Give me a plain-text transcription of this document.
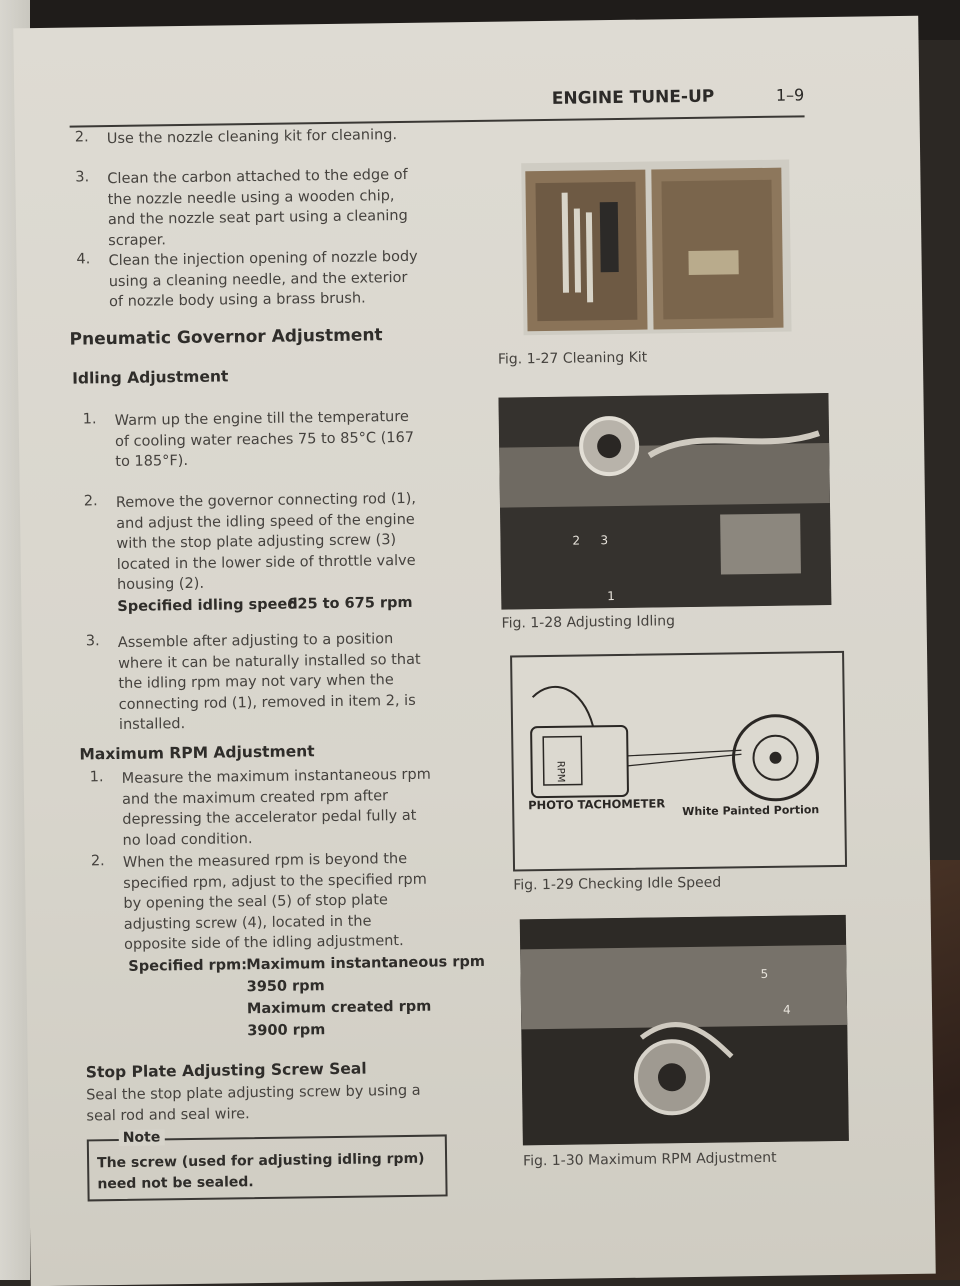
ENGINE TUNE-UP	1–9
2. Use the nozzle cleaning kit for cleaning.
3. Clean the carbon attached to the edge of the nozzle needle using a wooden chip, and the nozzle seat part using a cleaning scraper.
4. Clean the injection opening of nozzle body using a cleaning needle, and the exterior of nozzle body using a brass brush.
Pneumatic Governor Adjustment
Idling Adjustment
1. Warm up the engine till the temperature of cooling water reaches 75 to 85°C (167 to 185°F).
2. Remove the governor connecting rod (1), and adjust the idling speed of the engine with the stop plate adjusting screw (3) located in the lower side of throttle valve housing (2).
Specified idling speed
625 to 675 rpm
3. Assemble after adjusting to a position where it can be naturally installed so that the idling rpm may not vary when the connecting rod (1), removed in item 2, is installed.
Maximum RPM Adjustment
1. Measure the maximum instantaneous rpm and the maximum created rpm after depressing the accelerator pedal fully at no load condition.
2. When the measured rpm is beyond the specified rpm, adjust to the specified rpm by opening the seal (5) of stop plate adjusting screw (4), located in the opposite side of the idling adjustment.
Specified rpm: Maximum instantaneous rpm
3950 rpm
Maximum created rpm
3900 rpm
Stop Plate Adjusting Screw Seal
Seal the stop plate adjusting screw by using a seal rod and seal wire.
Note
The screw (used for adjusting idling rpm) need not be sealed.
Fig. 1-27 Cleaning Kit
2 3
1
Fig. 1-28 Adjusting Idling
RPM
PHOTO TACHOMETER White Painted Portion
Fig. 1-29 Checking Idle Speed
5
4
Fig. 1-30 Maximum RPM Adjustment
